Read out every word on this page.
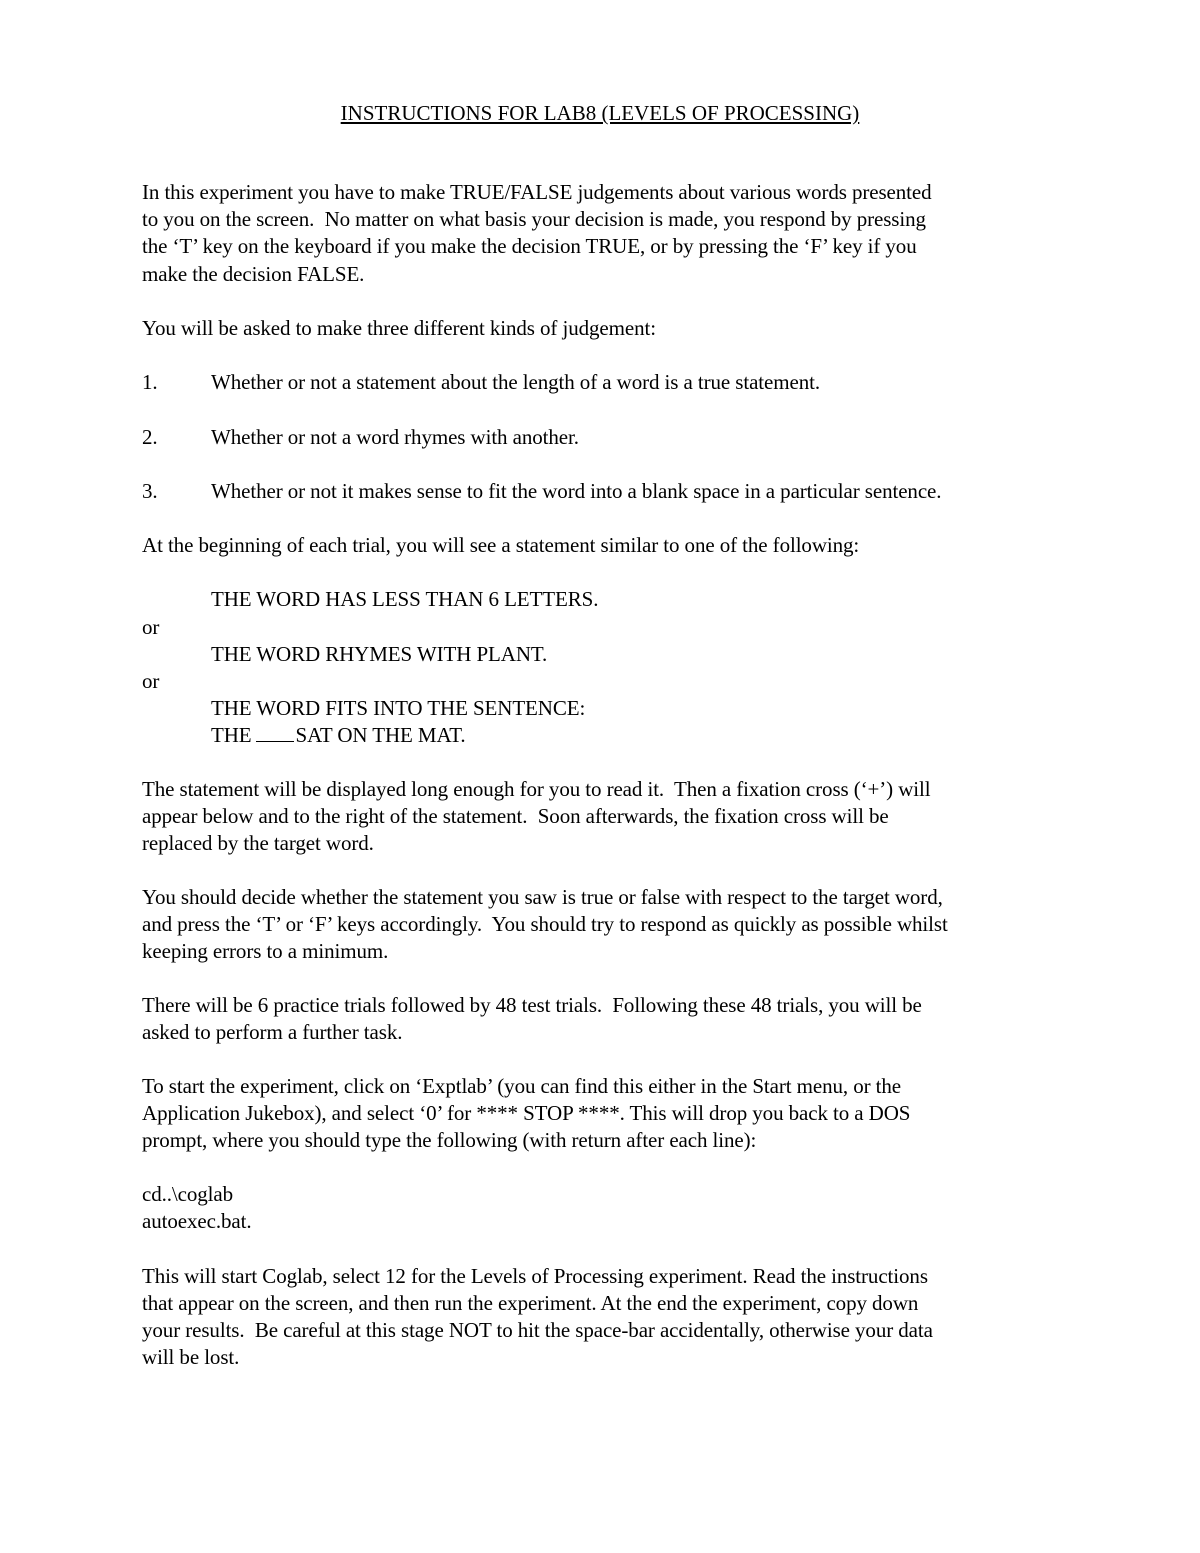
INSTRUCTIONS FOR LAB8 (LEVELS OF PROCESSING)
In this experiment you have to make TRUE/FALSE judgements about various words presented
to you on the screen.  No matter on what basis your decision is made, you respond by pressing
the ‘T’ key on the keyboard if you make the decision TRUE, or by pressing the ‘F’ key if you
make the decision FALSE.
You will be asked to make three different kinds of judgement:
1.	Whether or not a statement about the length of a word is a true statement.
2.	Whether or not a word rhymes with another.
3.	Whether or not it makes sense to fit the word into a blank space in a particular sentence.
At the beginning of each trial, you will see a statement similar to one of the following:
THE WORD HAS LESS THAN 6 LETTERS.
or
THE WORD RHYMES WITH PLANT.
or
THE WORD FITS INTO THE SENTENCE:
THE SAT ON THE MAT.
The statement will be displayed long enough for you to read it.  Then a fixation cross (‘+’) will
appear below and to the right of the statement.  Soon afterwards, the fixation cross will be
replaced by the target word.
You should decide whether the statement you saw is true or false with respect to the target word,
and press the ‘T’ or ‘F’ keys accordingly.  You should try to respond as quickly as possible whilst
keeping errors to a minimum.
There will be 6 practice trials followed by 48 test trials.  Following these 48 trials, you will be
asked to perform a further task.
To start the experiment, click on ‘Exptlab’ (you can find this either in the Start menu, or the
Application Jukebox), and select ‘0’ for **** STOP ****. This will drop you back to a DOS
prompt, where you should type the following (with return after each line):
cd..\coglab
autoexec.bat.
This will start Coglab, select 12 for the Levels of Processing experiment. Read the instructions
that appear on the screen, and then run the experiment. At the end the experiment, copy down
your results.  Be careful at this stage NOT to hit the space-bar accidentally, otherwise your data
will be lost.
